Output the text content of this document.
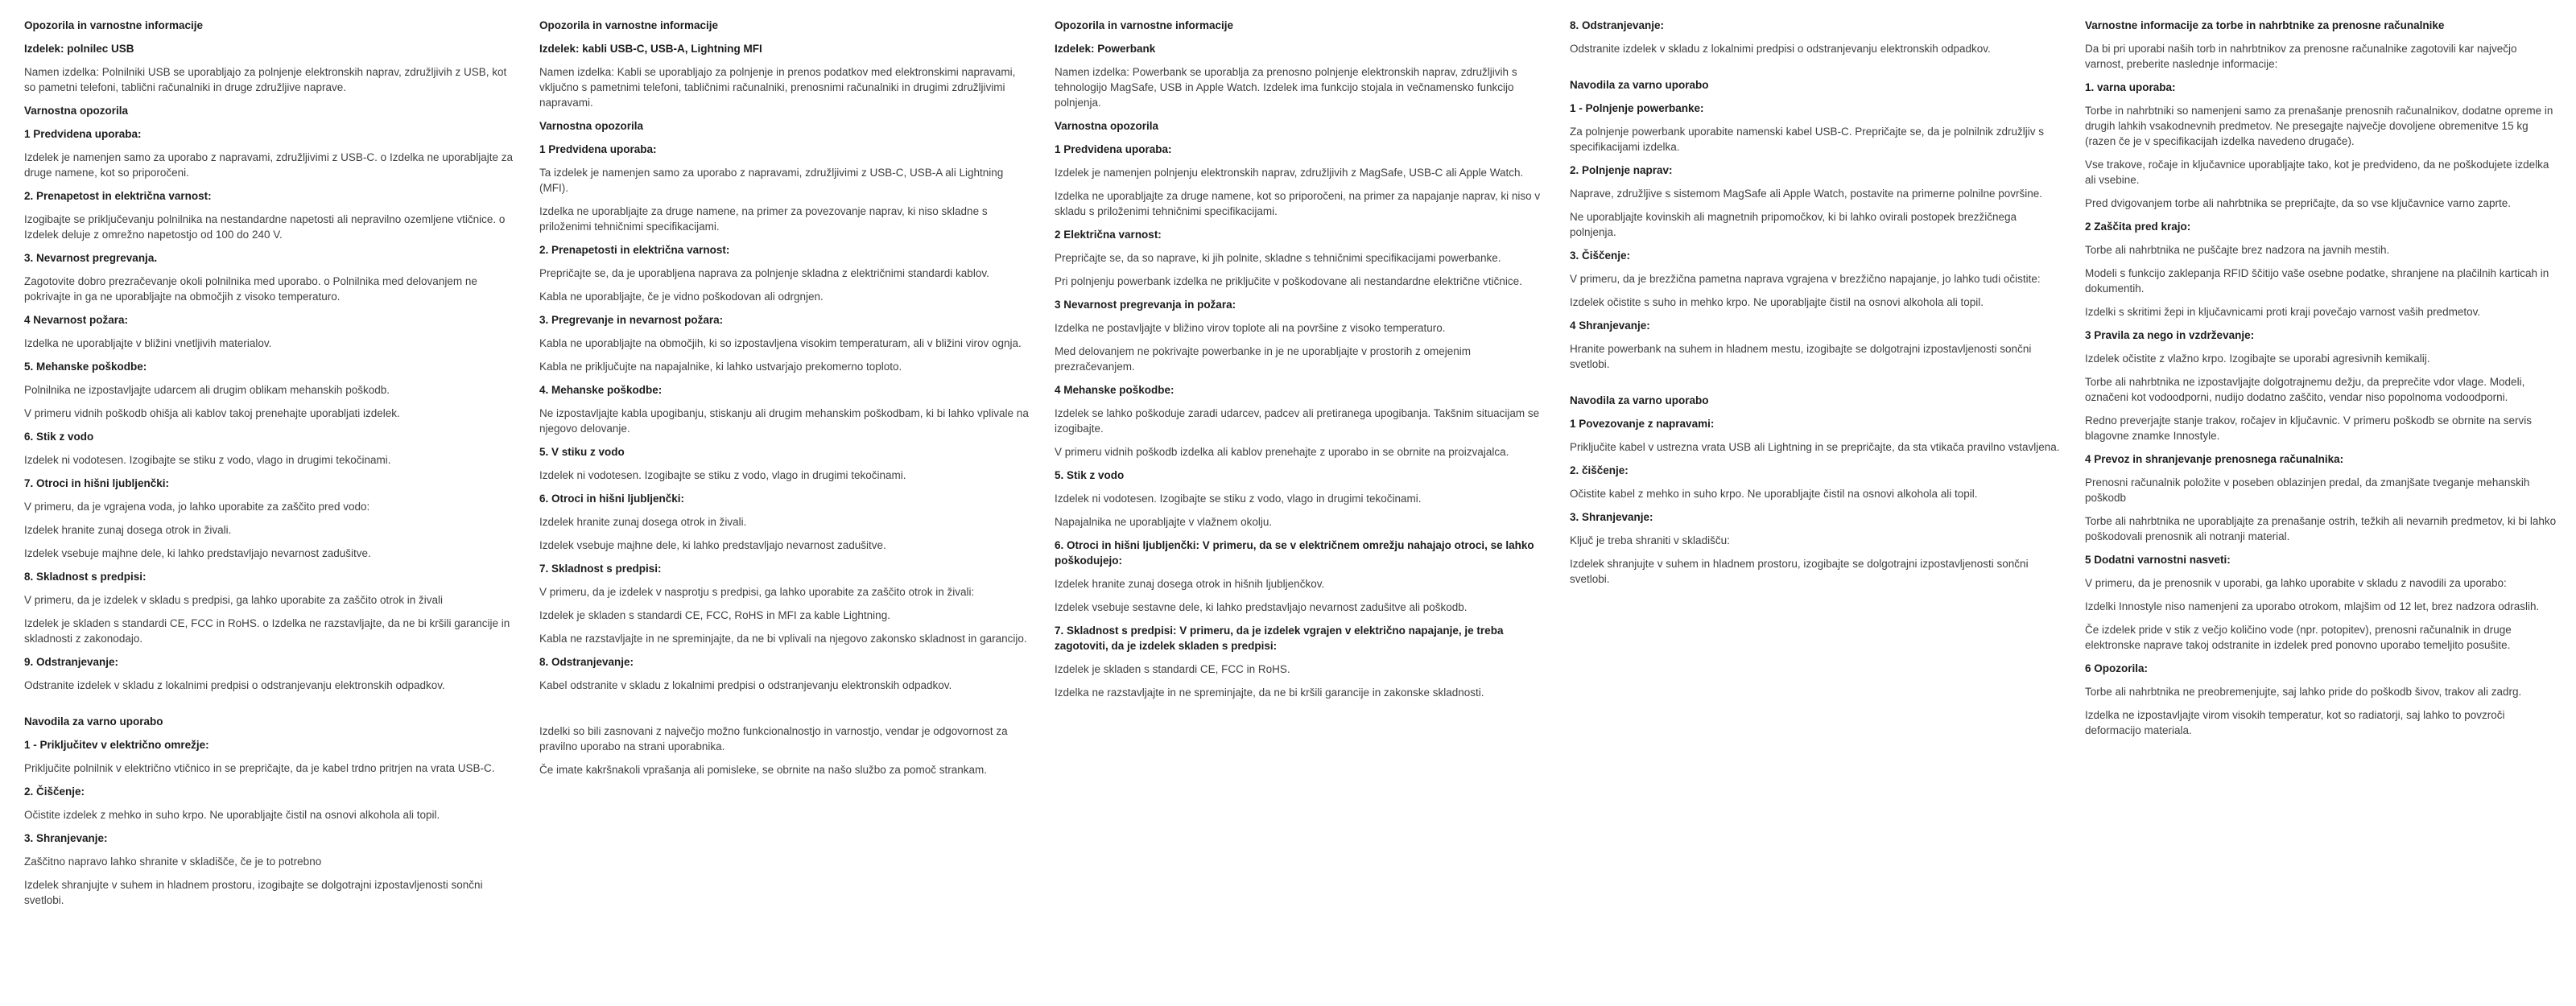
Opozorila in varnostne informacije
Izdelek: polnilec USB

Namen izdelka: Polnilniki USB se uporabljajo za polnjenje elektronskih naprav, združljivih z USB, kot so pametni telefoni, tablični računalniki in druge združljive naprave.

Varnostna opozorila
1 Predvidena uporaba:

Izdelek je namenjen samo za uporabo z napravami, združljivimi z USB-C. o Izdelka ne uporabljajte za druge namene, kot so priporočeni.

2. Prenapetost in električna varnost:

Izogibajte se priključevanju polnilnika na nestandardne napetosti ali nepravilno ozemljene vtičnice. o Izdelek deluje z omrežno napetostjo od 100 do 240 V.

3. Nevarnost pregrevanja.

Zagotovite dobro prezračevanje okoli polnilnika med uporabo. o Polnilnika med delovanjem ne pokrivajte in ga ne uporabljajte na območjih z visoko temperaturo.

4 Nevarnost požara:

Izdelka ne uporabljajte v bližini vnetljivih materialov.

5. Mehanske poškodbe:

Polnilnika ne izpostavljajte udarcem ali drugim oblikam mehanskih poškodb.

V primeru vidnih poškodb ohišja ali kablov takoj prenehajte uporabljati izdelek.

6. Stik z vodo

Izdelek ni vodotesen. Izogibajte se stiku z vodo, vlago in drugimi tekočinami.

7. Otroci in hišni ljubljenčki:

V primeru, da je vgrajena voda, jo lahko uporabite za zaščito pred vodo:

Izdelek hranite zunaj dosega otrok in živali.

Izdelek vsebuje majhne dele, ki lahko predstavljajo nevarnost zadušitve.

8. Skladnost s predpisi:

V primeru, da je izdelek v skladu s predpisi, ga lahko uporabite za zaščito otrok in živali

Izdelek je skladen s standardi CE, FCC in RoHS. o Izdelka ne razstavljajte, da ne bi kršili garancije in skladnosti z zakonodajo.

9. Odstranjevanje:

Odstranite izdelek v skladu z lokalnimi predpisi o odstranjevanju elektronskih odpadkov.

Navodila za varno uporabo
1 - Priključitev v električno omrežje:

Priključite polnilnik v električno vtičnico in se prepričajte, da je kabel trdno pritrjen na vrata USB-C.

2. Čiščenje:

Očistite izdelek z mehko in suho krpo. Ne uporabljajte čistil na osnovi alkohola ali topil.

3. Shranjevanje:

Zaščitno napravo lahko shranite v skladišče, če je to potrebno

Izdelek shranjujte v suhem in hladnem prostoru, izogibajte se dolgotrajni izpostavljenosti sončni svetlobi.

Opozorila in varnostne informacije
Izdelek: kabli USB-C, USB-A, Lightning MFI

Namen izdelka: Kabli se uporabljajo za polnjenje in prenos podatkov med elektronskimi napravami, vključno s pametnimi telefoni, tabličnimi računalniki, prenosnimi računalniki in drugimi združljivimi napravami.

Varnostna opozorila
1 Predvidena uporaba:

Ta izdelek je namenjen samo za uporabo z napravami, združljivimi z USB-C, USB-A ali Lightning (MFI).

Izdelka ne uporabljajte za druge namene, na primer za povezovanje naprav, ki niso skladne s priloženimi tehničnimi specifikacijami.

2. Prenapetosti in električna varnost:

Prepričajte se, da je uporabljena naprava za polnjenje skladna z električnimi standardi kablov.

Kabla ne uporabljajte, če je vidno poškodovan ali odrgnjen.

3. Pregrevanje in nevarnost požara:

Kabla ne uporabljajte na območjih, ki so izpostavljena visokim temperaturam, ali v bližini virov ognja.

Kabla ne priključujte na napajalnike, ki lahko ustvarjajo prekomerno toploto.

4. Mehanske poškodbe:

Ne izpostavljajte kabla upogibanju, stiskanju ali drugim mehanskim poškodbam, ki bi lahko vplivale na njegovo delovanje.

5. V stiku z vodo

Izdelek ni vodotesen. Izogibajte se stiku z vodo, vlago in drugimi tekočinami.

6. Otroci in hišni ljubljenčki:

Izdelek hranite zunaj dosega otrok in živali.

Izdelek vsebuje majhne dele, ki lahko predstavljajo nevarnost zadušitve.

7. Skladnost s predpisi:

V primeru, da je izdelek v nasprotju s predpisi, ga lahko uporabite za zaščito otrok in živali:

Izdelek je skladen s standardi CE, FCC, RoHS in MFI za kable Lightning.

Kabla ne razstavljajte in ne spreminjajte, da ne bi vplivali na njegovo zakonsko skladnost in garancijo.

8. Odstranjevanje:

Kabel odstranite v skladu z lokalnimi predpisi o odstranjevanju elektronskih odpadkov.

Izdelki so bili zasnovani z največjo možno funkcionalnostjo in varnostjo, vendar je odgovornost za pravilno uporabo na strani uporabnika.

Če imate kakršnakoli vprašanja ali pomisleke, se obrnite na našo službo za pomoč strankam.

Opozorila in varnostne informacije
Izdelek: Powerbank

Namen izdelka: Powerbank se uporablja za prenosno polnjenje elektronskih naprav, združljivih s tehnologijo MagSafe, USB in Apple Watch. Izdelek ima funkcijo stojala in večnamensko funkcijo polnjenja.

Varnostna opozorila
1 Predvidena uporaba:

Izdelek je namenjen polnjenju elektronskih naprav, združljivih z MagSafe, USB-C ali Apple Watch.

Izdelka ne uporabljajte za druge namene, kot so priporočeni, na primer za napajanje naprav, ki niso v skladu s priloženimi tehničnimi specifikacijami.

2 Električna varnost:

Prepričajte se, da so naprave, ki jih polnite, skladne s tehničnimi specifikacijami powerbanke.

Pri polnjenju powerbank izdelka ne priključite v poškodovane ali nestandardne električne vtičnice.

3 Nevarnost pregrevanja in požara:

Izdelka ne postavljajte v bližino virov toplote ali na površine z visoko temperaturo.

Med delovanjem ne pokrivajte powerbanke in je ne uporabljajte v prostorih z omejenim prezračevanjem.

4 Mehanske poškodbe:

Izdelek se lahko poškoduje zaradi udarcev, padcev ali pretiranega upogibanja. Takšnim situacijam se izogibajte.

V primeru vidnih poškodb izdelka ali kablov prenehajte z uporabo in se obrnite na proizvajalca.

5. Stik z vodo

Izdelek ni vodotesen. Izogibajte se stiku z vodo, vlago in drugimi tekočinami.

Napajalnika ne uporabljajte v vlažnem okolju.

6. Otroci in hišni ljubljenčki: V primeru, da se v električnem omrežju nahajajo otroci, se lahko poškodujejo:

Izdelek hranite zunaj dosega otrok in hišnih ljubljenčkov.

Izdelek vsebuje sestavne dele, ki lahko predstavljajo nevarnost zadušitve ali poškodb.

7. Skladnost s predpisi: V primeru, da je izdelek vgrajen v električno napajanje, je treba zagotoviti, da je izdelek skladen s predpisi:

Izdelek je skladen s standardi CE, FCC in RoHS.

Izdelka ne razstavljajte in ne spreminjajte, da ne bi kršili garancije in zakonske skladnosti.

8. Odstranjevanje:

Odstranite izdelek v skladu z lokalnimi predpisi o odstranjevanju elektronskih odpadkov.

Navodila za varno uporabo
1 - Polnjenje powerbanke:

Za polnjenje powerbank uporabite namenski kabel USB-C. Prepričajte se, da je polnilnik združljiv s specifikacijami izdelka.

2. Polnjenje naprav:

Naprave, združljive s sistemom MagSafe ali Apple Watch, postavite na primerne polnilne površine.

Ne uporabljajte kovinskih ali magnetnih pripomočkov, ki bi lahko ovirali postopek brezžičnega polnjenja.

3. Čiščenje:

V primeru, da je brezžična pametna naprava vgrajena v brezžično napajanje, jo lahko tudi očistite:

Izdelek očistite s suho in mehko krpo. Ne uporabljajte čistil na osnovi alkohola ali topil.

4 Shranjevanje:

Hranite powerbank na suhem in hladnem mestu, izogibajte se dolgotrajni izpostavljenosti sončni svetlobi.

Navodila za varno uporabo
1 Povezovanje z napravami:

Priključite kabel v ustrezna vrata USB ali Lightning in se prepričajte, da sta vtikača pravilno vstavljena.

2. čiščenje:

Očistite kabel z mehko in suho krpo. Ne uporabljajte čistil na osnovi alkohola ali topil.

3. Shranjevanje:

Ključ je treba shraniti v skladišču:

Izdelek shranjujte v suhem in hladnem prostoru, izogibajte se dolgotrajni izpostavljenosti sončni svetlobi.

Varnostne informacije za torbe in nahrbtnike za prenosne računalnike

Da bi pri uporabi naših torb in nahrbtnikov za prenosne računalnike zagotovili kar največjo varnost, preberite naslednje informacije:

1. varna uporaba:

Torbe in nahrbtniki so namenjeni samo za prenašanje prenosnih računalnikov, dodatne opreme in drugih lahkih vsakodnevnih predmetov. Ne presegajte največje dovoljene obremenitve 15 kg (razen če je v specifikacijah izdelka navedeno drugače).

Vse trakove, ročaje in ključavnice uporabljajte tako, kot je predvideno, da ne poškodujete izdelka ali vsebine.

Pred dvigovanjem torbe ali nahrbtnika se prepričajte, da so vse ključavnice varno zaprte.

2 Zaščita pred krajo:

Torbe ali nahrbtnika ne puščajte brez nadzora na javnih mestih.

Modeli s funkcijo zaklepanja RFID ščitijo vaše osebne podatke, shranjene na plačilnih karticah in dokumentih.

Izdelki s skritimi žepi in ključavnicami proti kraji povečajo varnost vaših predmetov.

3 Pravila za nego in vzdrževanje:

Izdelek očistite z vlažno krpo. Izogibajte se uporabi agresivnih kemikalij.

Torbe ali nahrbtnika ne izpostavljajte dolgotrajnemu dežju, da preprečite vdor vlage. Modeli, označeni kot vodoodporni, nudijo dodatno zaščito, vendar niso popolnoma vodoodporni.

Redno preverjajte stanje trakov, ročajev in ključavnic. V primeru poškodb se obrnite na servis blagovne znamke Innostyle.

4 Prevoz in shranjevanje prenosnega računalnika:

Prenosni računalnik položite v poseben oblazinjen predal, da zmanjšate tveganje mehanskih poškodb

Torbe ali nahrbtnika ne uporabljajte za prenašanje ostrih, težkih ali nevarnih predmetov, ki bi lahko poškodovali prenosnik ali notranji material.

5 Dodatni varnostni nasveti:

V primeru, da je prenosnik v uporabi, ga lahko uporabite v skladu z navodili za uporabo:

Izdelki Innostyle niso namenjeni za uporabo otrokom, mlajšim od 12 let, brez nadzora odraslih.

Če izdelek pride v stik z večjo količino vode (npr. potopitev), prenosni računalnik in druge elektronske naprave takoj odstranite in izdelek pred ponovno uporabo temeljito posušite.

6 Opozorila:

Torbe ali nahrbtnika ne preobremenjujte, saj lahko pride do poškodb šivov, trakov ali zadrg.

Izdelka ne izpostavljajte virom visokih temperatur, kot so radiatorji, saj lahko to povzroči deformacijo materiala.
